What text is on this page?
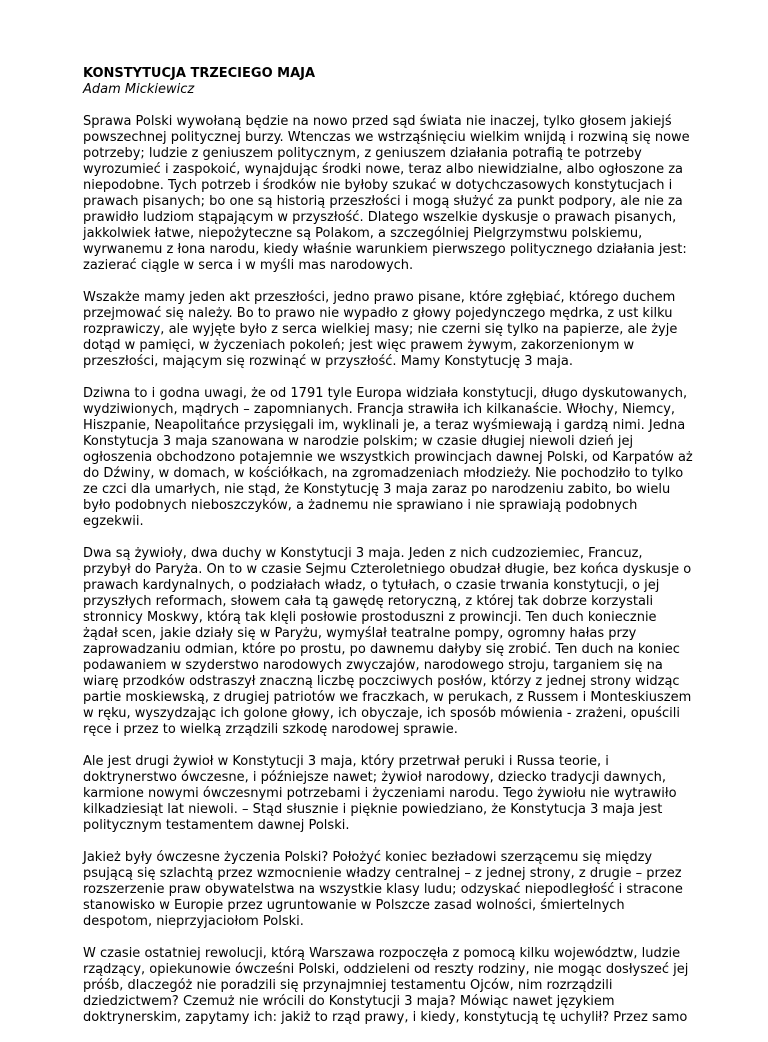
KONSTYTUCJA TRZECIEGO MAJA

Adam Mickiewicz

Sprawa Polski wywołaną będzie na nowo przed sąd świata nie inaczej, tylko głosem jakiejś powszechnej politycznej burzy. Wtenczas we wstrząśnięciu wielkim wnijdą i rozwiną się nowe potrzeby; ludzie z geniuszem politycznym, z geniuszem działania potrafią te potrzeby wyrozumieć i zaspokoić, wynajdując środki nowe, teraz albo niewidzialne, albo ogłoszone za niepodobne. Tych potrzeb i środków nie byłoby szukać w dotychczasowych konstytucjach i prawach pisanych; bo one są historią przeszłości i mogą służyć za punkt podpory, ale nie za prawidło ludziom stąpającym w przyszłość. Dlatego wszelkie dyskusje o prawach pisanych, jakkolwiek łatwe, niepożyteczne są Polakom, a szczególniej Pielgrzymstwu polskiemu, wyrwanemu z łona narodu, kiedy właśnie warunkiem pierwszego politycznego działania jest: zazierać ciągle w serca i w myśli mas narodowych.

Wszakże mamy jeden akt przeszłości, jedno prawo pisane, które zgłębiać, którego duchem przejmować się należy. Bo to prawo nie wypadło z głowy pojedynczego mędrka, z ust kilku rozprawiczy, ale wyjęte było z serca wielkiej masy; nie czerni się tylko na papierze, ale żyje dotąd w pamięci, w życzeniach pokoleń; jest więc prawem żywym, zakorzenionym w przeszłości, mającym się rozwinąć w przyszłość. Mamy Konstytucję 3 maja.

Dziwna to i godna uwagi, że od 1791 tyle Europa widziała konstytucji, długo dyskutowanych, wydziwionych, mądrych – zapomnianych. Francja strawiła ich kilkanaście. Włochy, Niemcy, Hiszpanie, Neapolitańce przysięgali im, wyklinali je, a teraz wyśmiewają i gardzą nimi. Jedna Konstytucja 3 maja szanowana w narodzie polskim; w czasie długiej niewoli dzień jej ogłoszenia obchodzono potajemnie we wszystkich prowincjach dawnej Polski, od Karpatów aż do Dźwiny, w domach, w kościółkach, na zgromadzeniach młodzieży. Nie pochodziło to tylko ze czci dla umarłych, nie stąd, że Konstytucję 3 maja zaraz po narodzeniu zabito, bo wielu było podobnych nieboszczyków, a żadnemu nie sprawiano i nie sprawiają podobnych egzekwii.

Dwa są żywioły, dwa duchy w Konstytucji 3 maja. Jeden z nich cudzoziemiec, Francuz, przybył do Paryża. On to w czasie Sejmu Czteroletniego obudzał długie, bez końca dyskusje o prawach kardynalnych, o podziałach władz, o tytułach, o czasie trwania konstytucji, o jej przyszłych reformach, słowem cała tą gawędę retoryczną, z której tak dobrze korzystali stronnicy Moskwy, którą tak klęli posłowie prostoduszni z prowincji. Ten duch koniecznie żądał scen, jakie działy się w Paryżu, wymyślał teatralne pompy, ogromny hałas przy zaprowadzaniu odmian, które po prostu, po dawnemu dałyby się zrobić. Ten duch na koniec podawaniem w szyderstwo narodowych zwyczajów, narodowego stroju, targaniem się na wiarę przodków odstraszył znaczną liczbę poczciwych posłów, którzy z jednej strony widząc partie moskiewską, z drugiej patriotów we fraczkach, w perukach, z Russem i Monteskiuszem w ręku, wyszydzając ich golone głowy, ich obyczaje, ich sposób mówienia - zrażeni, opuścili ręce i przez to wielką zrządzili szkodę narodowej sprawie.

Ale jest drugi żywioł w Konstytucji 3 maja, który przetrwał peruki i Russa teorie, i doktrynerstwo ówczesne, i późniejsze nawet; żywioł narodowy, dziecko tradycji dawnych, karmione nowymi ówczesnymi potrzebami i życzeniami narodu. Tego żywiołu nie wytrawiło kilkadziesiąt lat niewoli. – Stąd słusznie i pięknie powiedziano, że Konstytucja 3 maja jest politycznym testamentem dawnej Polski.

Jakież były ówczesne życzenia Polski? Położyć koniec bezładowi szerzącemu się między psującą się szlachtą przez wzmocnienie władzy centralnej – z jednej strony, z drugie – przez rozszerzenie praw obywatelstwa na wszystkie klasy ludu; odzyskać niepodległość i stracone stanowisko w Europie przez ugruntowanie w Polszcze zasad wolności, śmiertelnych despotom, nieprzyjaciołom Polski.

W czasie ostatniej rewolucji, którą Warszawa rozpoczęła z pomocą kilku województw, ludzie rządzący, opiekunowie ówcześni Polski, oddzieleni od reszty rodziny, nie mogąc dosłyszeć jej próśb, dlaczegóż nie poradzili się przynajmniej testamentu Ojców, nim rozrządzili dziedzictwem? Czemuż nie wrócili do Konstytucji 3 maja? Mówiąc nawet językiem doktrynerskim, zapytamy ich: jakiż to rząd prawy, i kiedy, konstytucją tę uchylił? Przez samo
